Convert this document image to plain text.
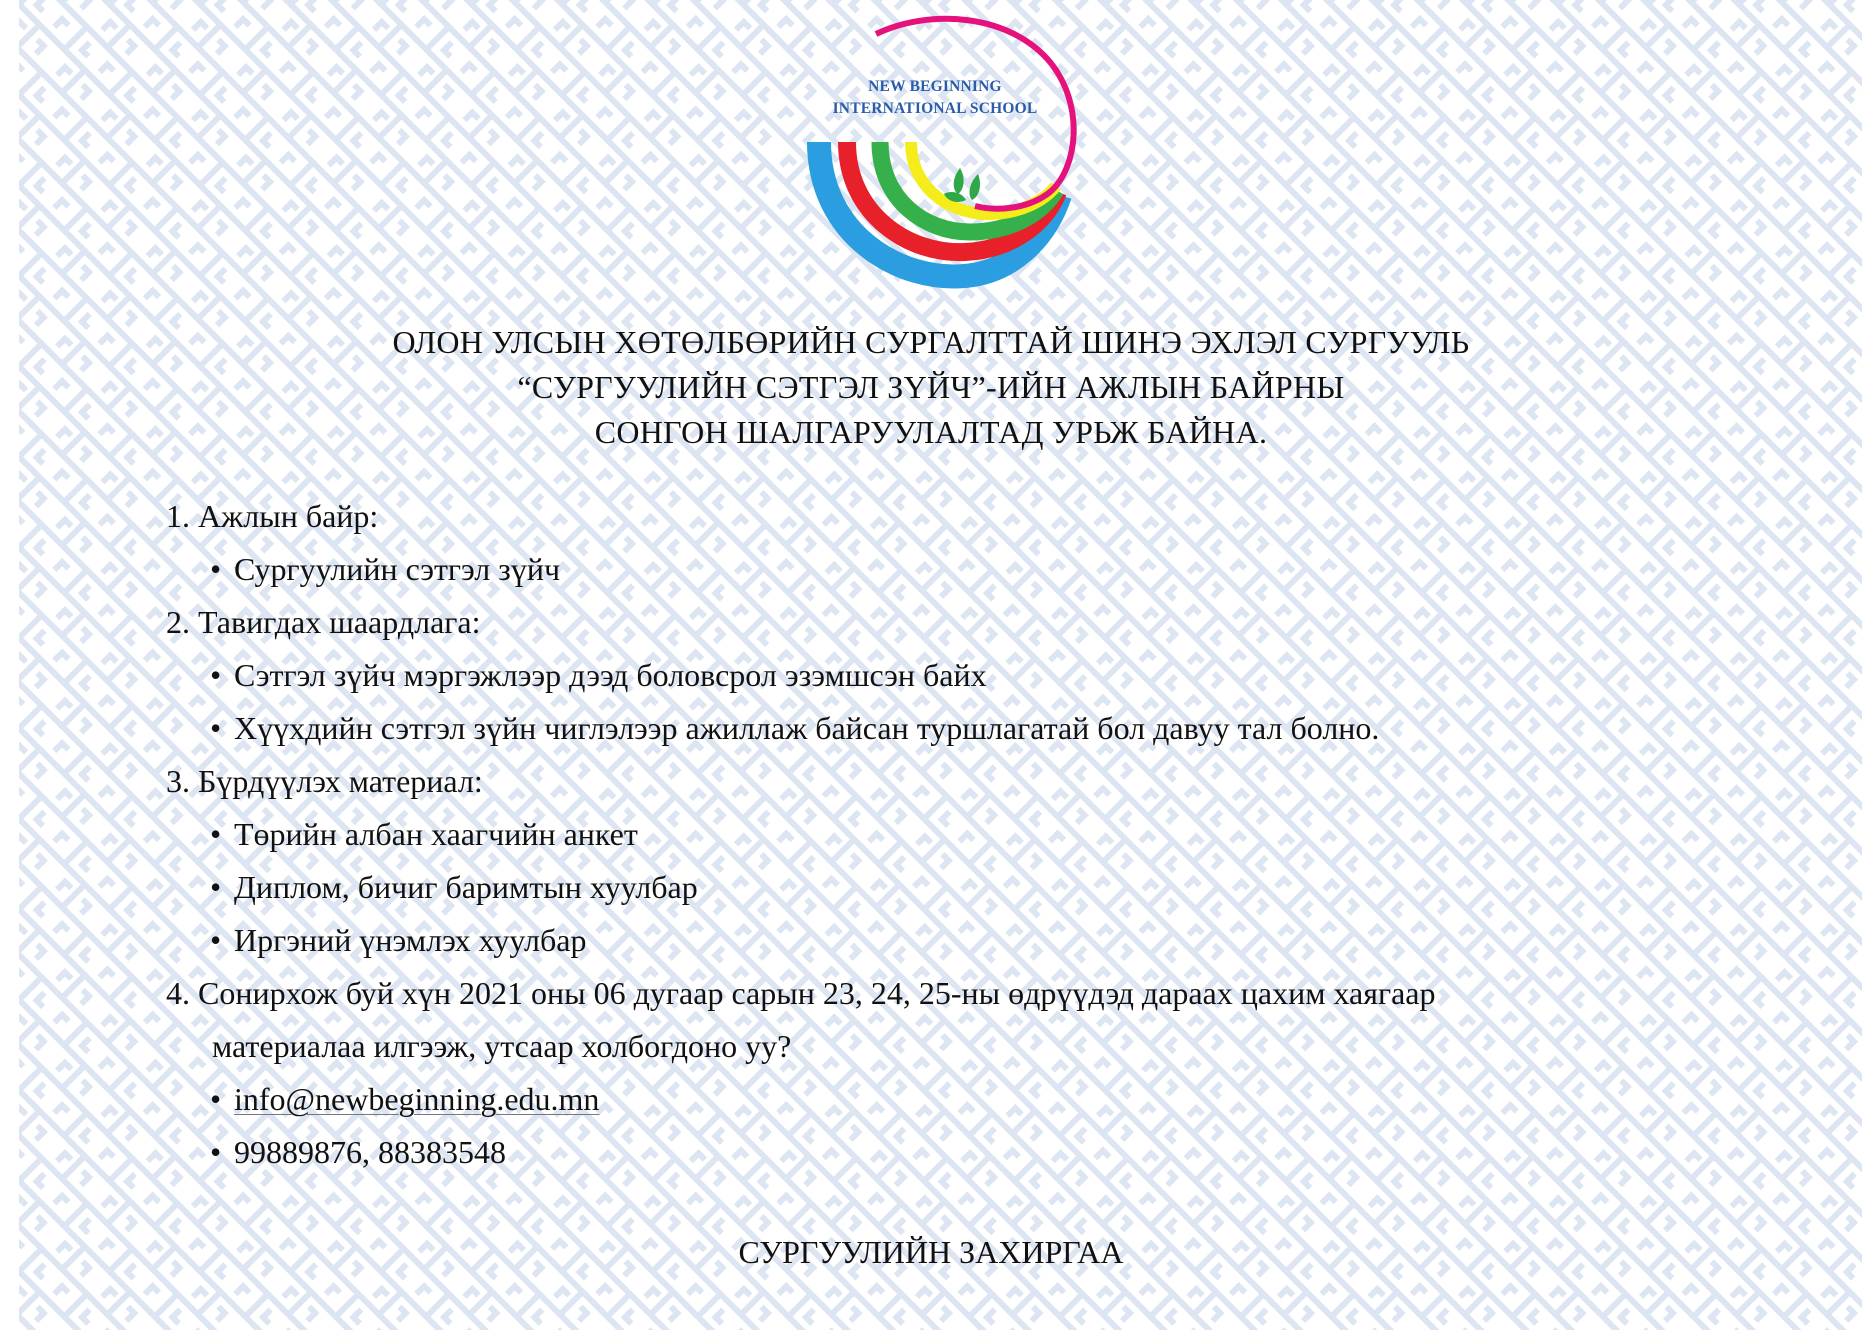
NEW BEGINNING
INTERNATIONAL SCHOOL
ОЛОН УЛСЫН ХӨТӨЛБӨРИЙН СУРГАЛТТАЙ ШИНЭ ЭХЛЭЛ СУРГУУЛЬ
“СУРГУУЛИЙН СЭТГЭЛ ЗҮЙЧ”-ИЙН АЖЛЫН БАЙРНЫ
СОНГОН ШАЛГАРУУЛАЛТАД УРЬЖ БАЙНА.
1. Ажлын байр:
• Сургуулийн сэтгэл зүйч
2. Тавигдах шаардлага:
• Сэтгэл зүйч мэргэжлээр дээд боловсрол эзэмшсэн байх
• Хүүхдийн сэтгэл зүйн чиглэлээр ажиллаж байсан туршлагатай бол давуу тал болно.
3. Бүрдүүлэх материал:
• Төрийн албан хаагчийн анкет
• Диплом, бичиг баримтын хуулбар
• Иргэний үнэмлэх хуулбар
4. Сонирхож буй хүн 2021 оны 06 дугаар сарын 23, 24, 25-ны өдрүүдэд дараах цахим хаягаар
материалаа илгээж, утсаар холбогдоно уу?
• info@newbeginning.edu.mn
• 99889876, 88383548
СУРГУУЛИЙН ЗАХИРГАА
